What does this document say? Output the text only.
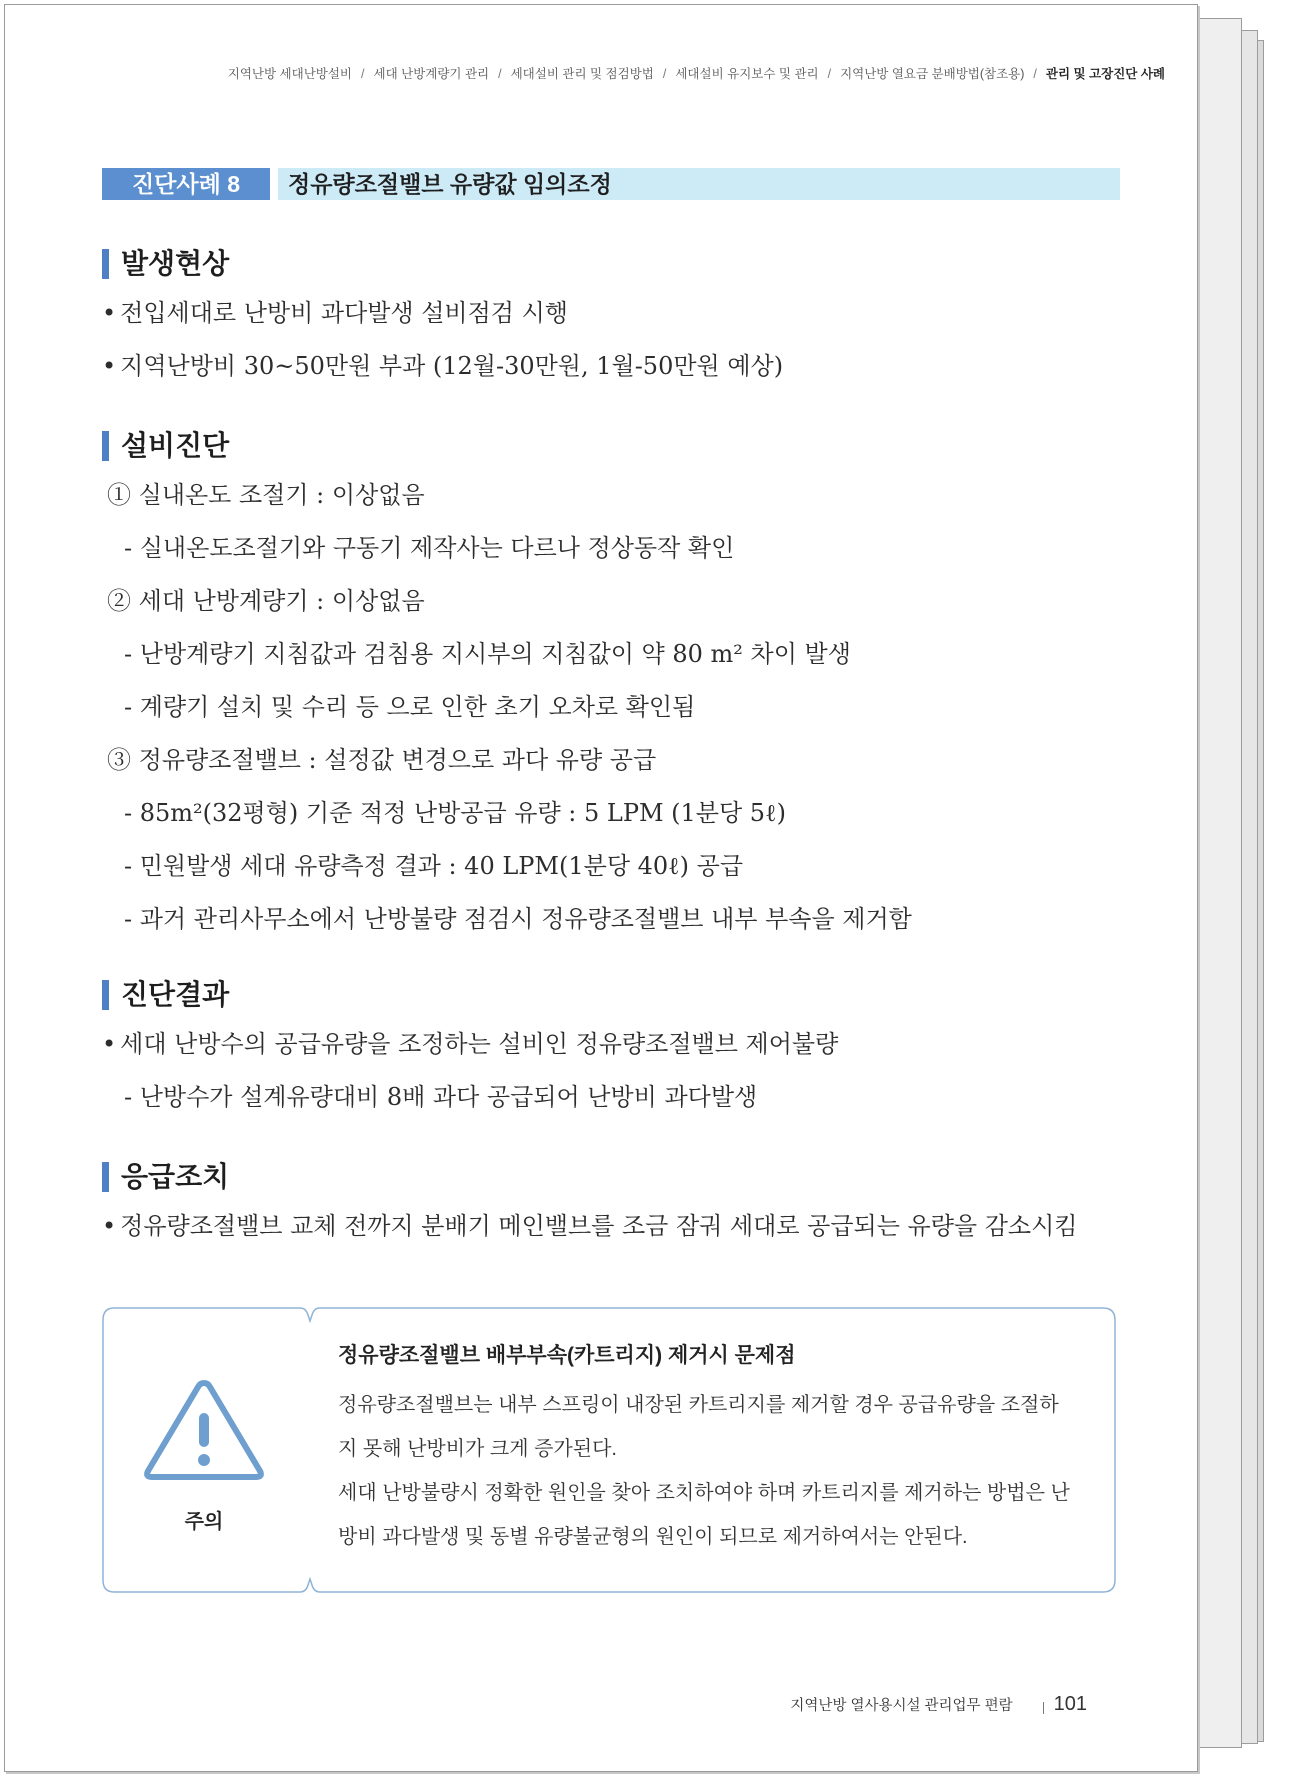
지역난방 세대난방설비 / 세대 난방계량기 관리 / 세대설비 관리 및 점검방법 / 세대설비 유지보수 및 관리 / 지역난방 열요금 분배방법(참조용) / 관리 및 고장진단 사례
진단사례 8	정유량조절밸브 유량값 임의조정
발생현상
• 전입세대로 난방비 과다발생 설비점검 시행
• 지역난방비 30~50만원 부과 (12월-30만원, 1월-50만원 예상)
설비진단
① 실내온도 조절기 : 이상없음
- 실내온도조절기와 구동기 제작사는 다르나 정상동작 확인
② 세대 난방계량기 : 이상없음
- 난방계량기 지침값과 검침용 지시부의 지침값이 약 80 m² 차이 발생
- 계량기 설치 및 수리 등 으로 인한 초기 오차로 확인됨
③ 정유량조절밸브 : 설정값 변경으로 과다 유량 공급
- 85m²(32평형) 기준 적정 난방공급 유량 : 5 LPM (1분당 5ℓ)
- 민원발생 세대 유량측정 결과 : 40 LPM(1분당 40ℓ) 공급
- 과거 관리사무소에서 난방불량 점검시 정유량조절밸브 내부 부속을 제거함
진단결과
• 세대 난방수의 공급유량을 조정하는 설비인 정유량조절밸브 제어불량
- 난방수가 설계유량대비 8배 과다 공급되어 난방비 과다발생
응급조치
• 정유량조절밸브 교체 전까지 분배기 메인밸브를 조금 잠궈 세대로 공급되는 유량을 감소시킴
주의
정유량조절밸브 배부부속(카트리지) 제거시 문제점

정유량조절밸브는 내부 스프링이 내장된 카트리지를 제거할 경우 공급유량을 조절하

지 못해 난방비가 크게 증가된다.

세대 난방불량시 정확한 원인을 찾아 조치하여야 하며 카트리지를 제거하는 방법은 난

방비 과다발생 및 동별 유량불균형의 원인이 되므로 제거하여서는 안된다.

지역난방 열사용시설 관리업무 편람 101
